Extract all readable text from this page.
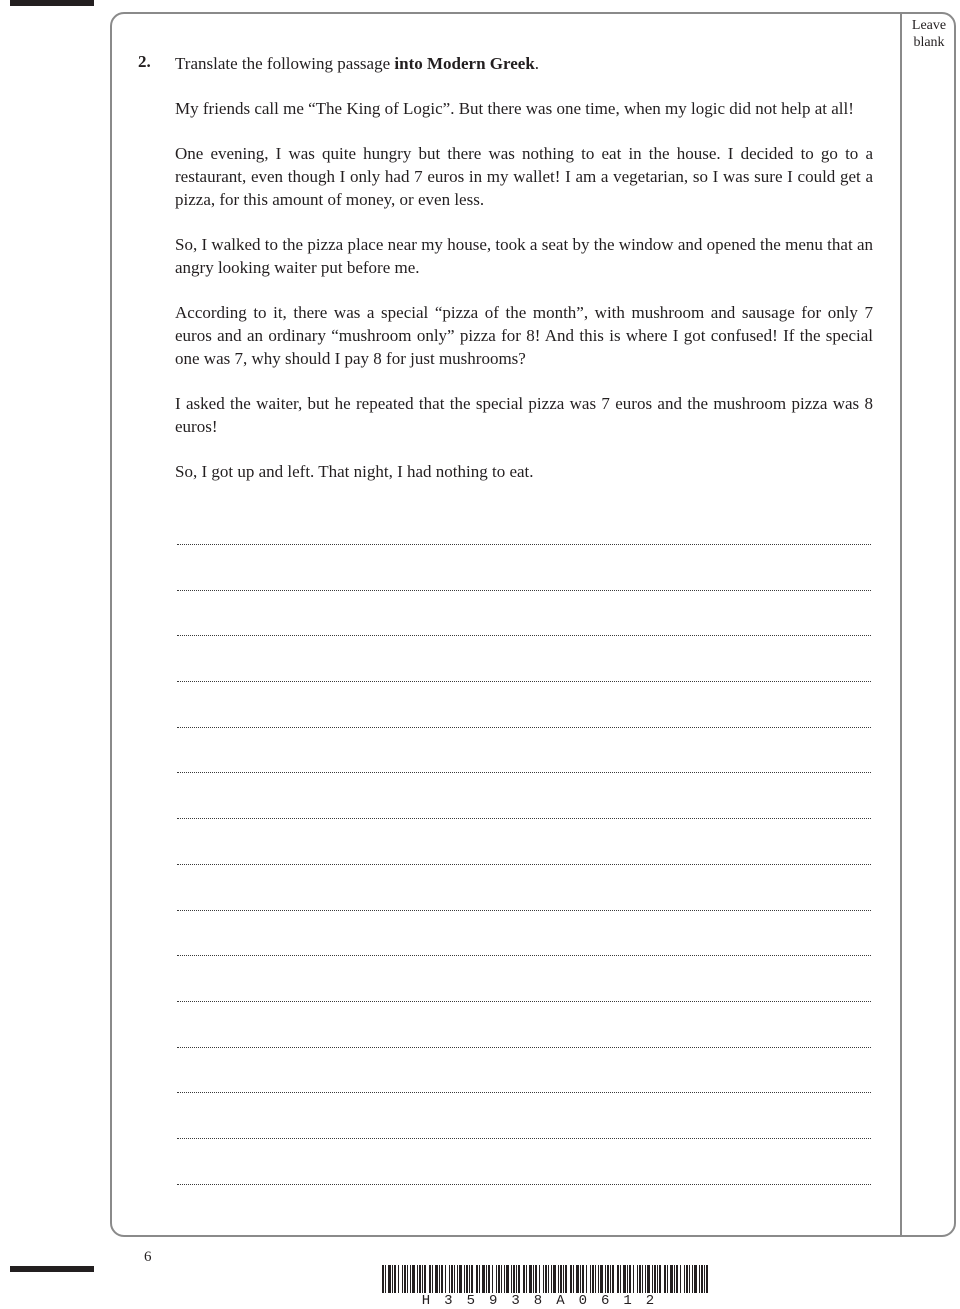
Leave blank
2. Translate the following passage into Modern Greek.

My friends call me “The King of Logic”. But there was one time, when my logic did not help at all!

One evening, I was quite hungry but there was nothing to eat in the house. I decided to go to a restaurant, even though I only had 7 euros in my wallet! I am a vegetarian, so I was sure I could get a pizza, for this amount of money, or even less.

So, I walked to the pizza place near my house, took a seat by the window and opened the menu that an angry looking waiter put before me.

According to it, there was a special “pizza of the month”, with mushroom and sausage for only 7 euros and an ordinary “mushroom only” pizza for 8! And this is where I got confused! If the special one was 7, why should I pay 8 for just mushrooms?

I asked the waiter, but he repeated that the special pizza was 7 euros and the mushroom pizza was 8 euros!

So, I got up and left. That night, I had nothing to eat.

6
H35938A0612
